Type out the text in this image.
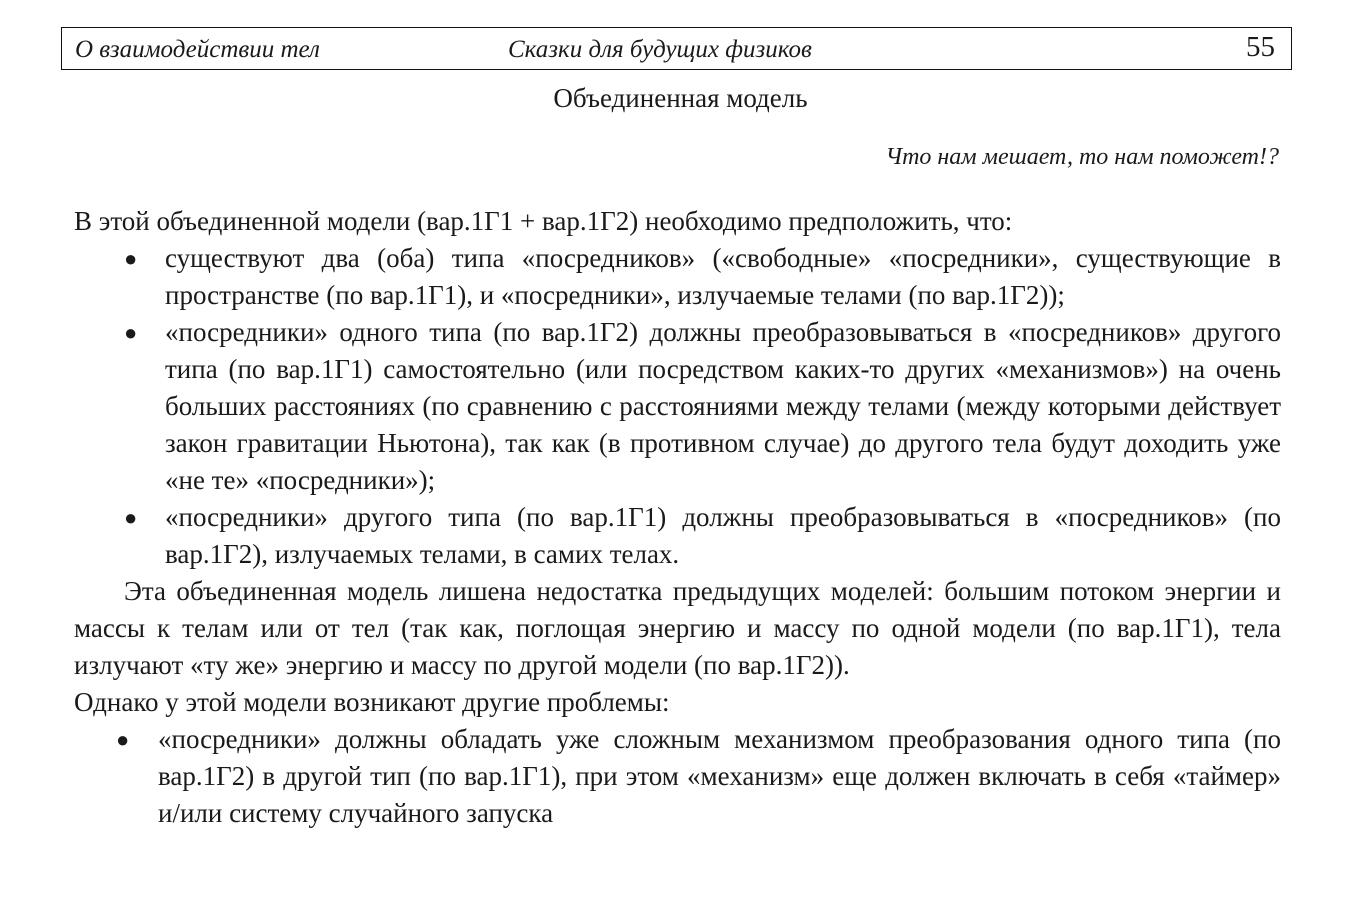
О взаимодействии тел	Сказки для будущих физиков	55
Объединенная модель
Что нам мешает, то нам поможет!?

В этой объединенной модели (вар.1Г1 + вар.1Г2) необходимо предположить, что:

● существуют два (оба) типа «посредников» («свободные» «посредники», существующие в пространстве (по вар.1Г1), и «посредники», излучаемые телами (по вар.1Г2));
● «посредники» одного типа (по вар.1Г2) должны преобразовываться в «посредников» другого типа (по вар.1Г1) самостоятельно (или посредством каких-то других «механизмов») на очень больших расстояниях (по сравнению с расстояниями между телами (между которыми действует закон гравитации Ньютона), так как (в противном случае) до другого тела будут доходить уже «не те» «посредники»);
● «посредники» другого типа (по вар.1Г1) должны преобразовываться в «посредников» (по вар.1Г2), излучаемых телами, в самих телах.

Эта объединенная модель лишена недостатка предыдущих моделей: большим потоком энергии и массы к телам или от тел (так как, поглощая энергию и массу по одной модели (по вар.1Г1), тела излучают «ту же» энергию и массу по другой модели (по вар.1Г2)).

Однако у этой модели возникают другие проблемы:

● «посредники» должны обладать уже сложным механизмом преобразования одного типа (по вар.1Г2) в другой тип (по вар.1Г1), при этом «механизм» еще должен включать в себя «таймер» и/или систему случайного запуска
